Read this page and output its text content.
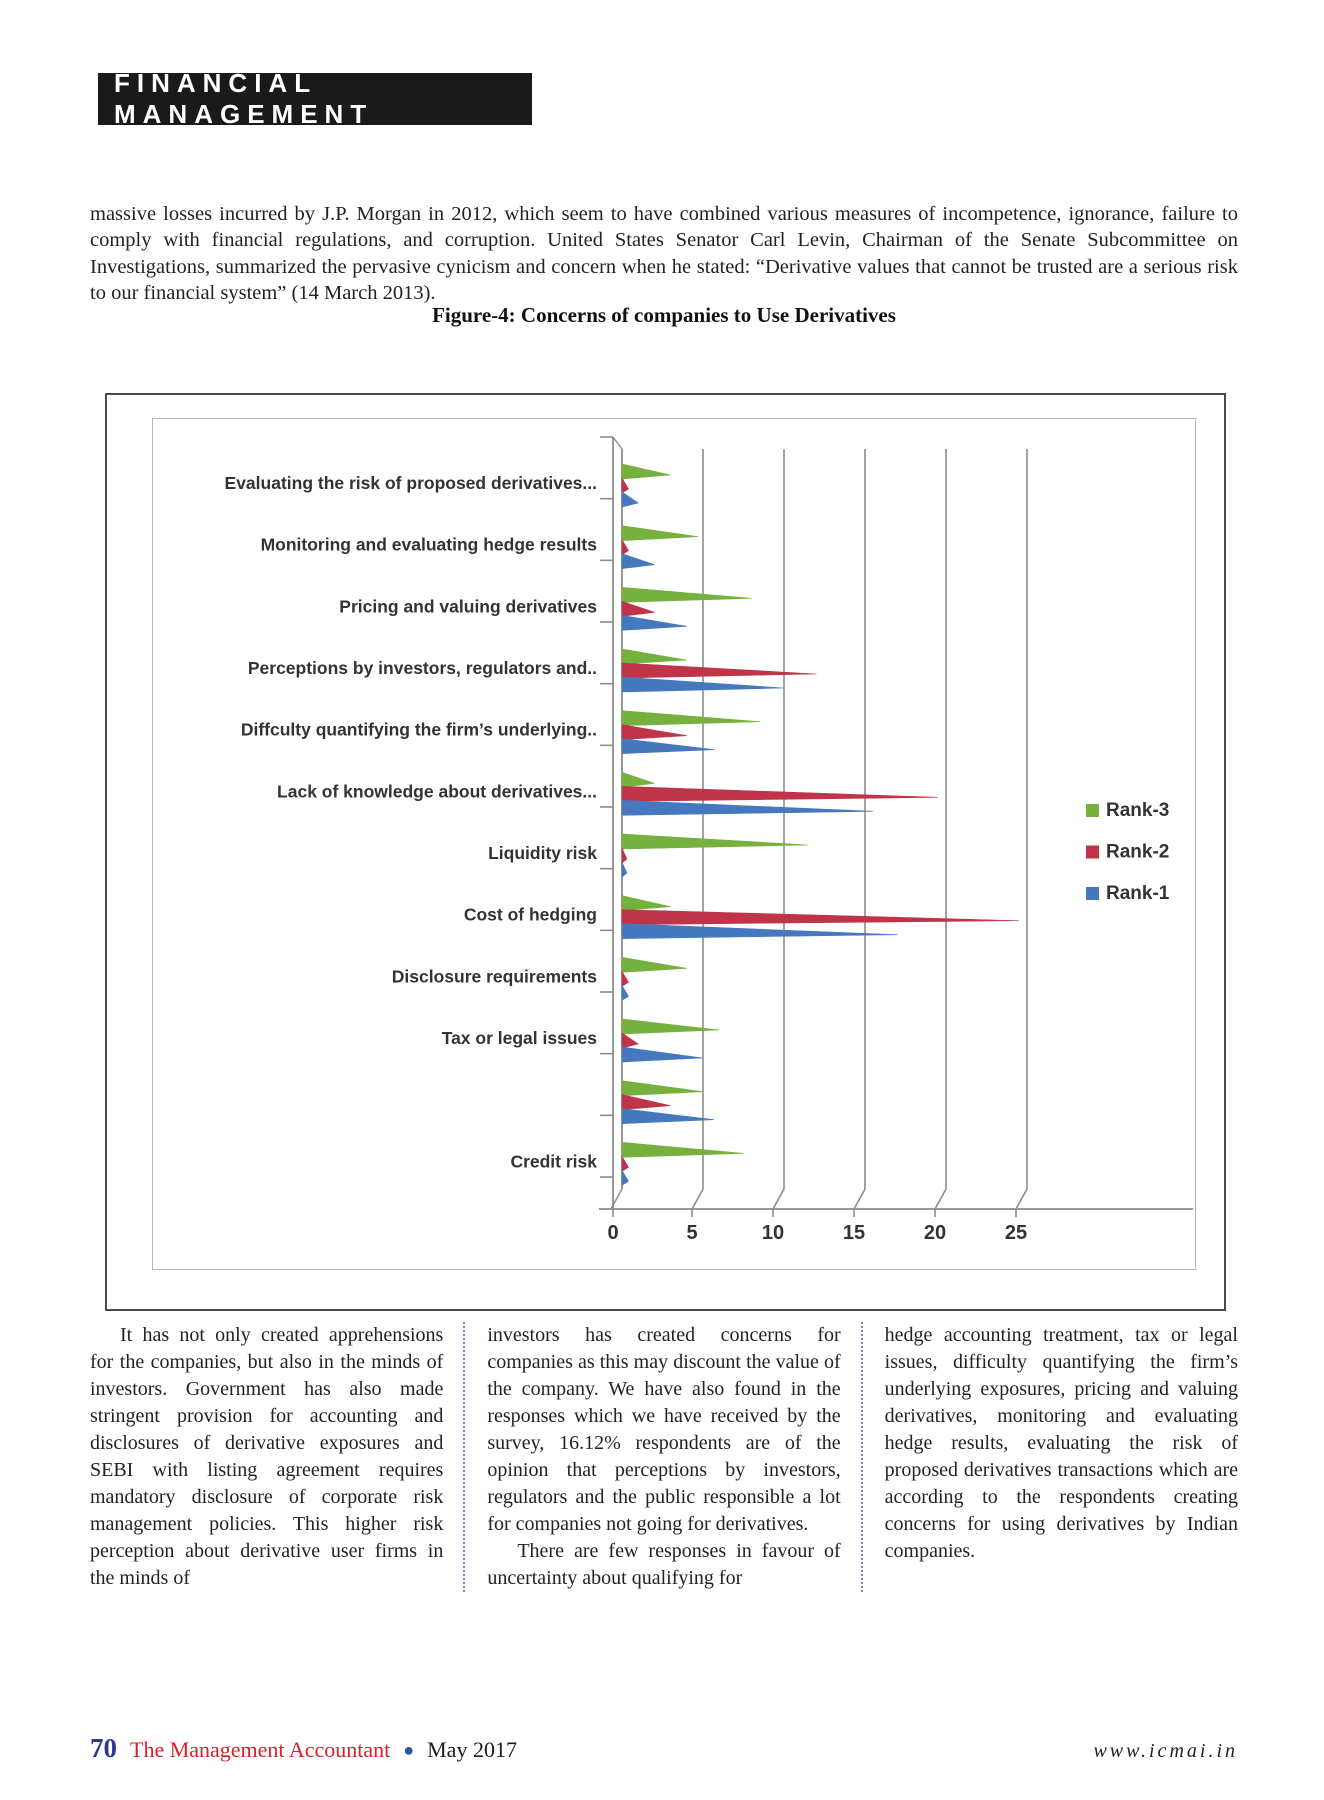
FINANCIAL MANAGEMENT

massive losses incurred by J.P. Morgan in 2012, which seem to have combined various measures of incompetence, ignorance, failure to comply with financial regulations, and corruption. United States Senator Carl Levin, Chairman of the Senate Subcommittee on Investigations, summarized the pervasive cynicism and concern when he stated: “Derivative values that cannot be trusted are a serious risk to our financial system” (14 March 2013).

Figure-4: Concerns of companies to Use Derivatives
0	5	10	15	20	25
Evaluating the risk of proposed derivatives...
Monitoring and evaluating hedge results
Pricing and valuing derivatives
Perceptions by investors, regulators and..
Diffculty quantifying the firm’s underlying..
Lack of knowledge about derivatives...
Liquidity risk
Cost of hedging
Disclosure requirements
Tax or legal issues
Credit risk
Rank-3
Rank-2
Rank-1

It has not only created apprehensions for the companies, but also in the minds of investors. Government has also made stringent provision for accounting and disclosures of derivative exposures and SEBI with listing agreement requires mandatory disclosure of corporate risk management policies. This higher risk perception about derivative user firms in the minds of

investors has created concerns for companies as this may discount the value of the company. We have also found in the responses which we have received by the survey, 16.12% respondents are of the opinion that perceptions by investors, regulators and the public responsible a lot for companies not going for derivatives.

There are few responses in favour of uncertainty about qualifying for

hedge accounting treatment, tax or legal issues, difficulty quantifying the firm’s underlying exposures, pricing and valuing derivatives, monitoring and evaluating hedge results, evaluating the risk of proposed derivatives transactions which are according to the respondents creating concerns for using derivatives by Indian companies.

70 The Management Accountant ● May 2017	www.icmai.in
